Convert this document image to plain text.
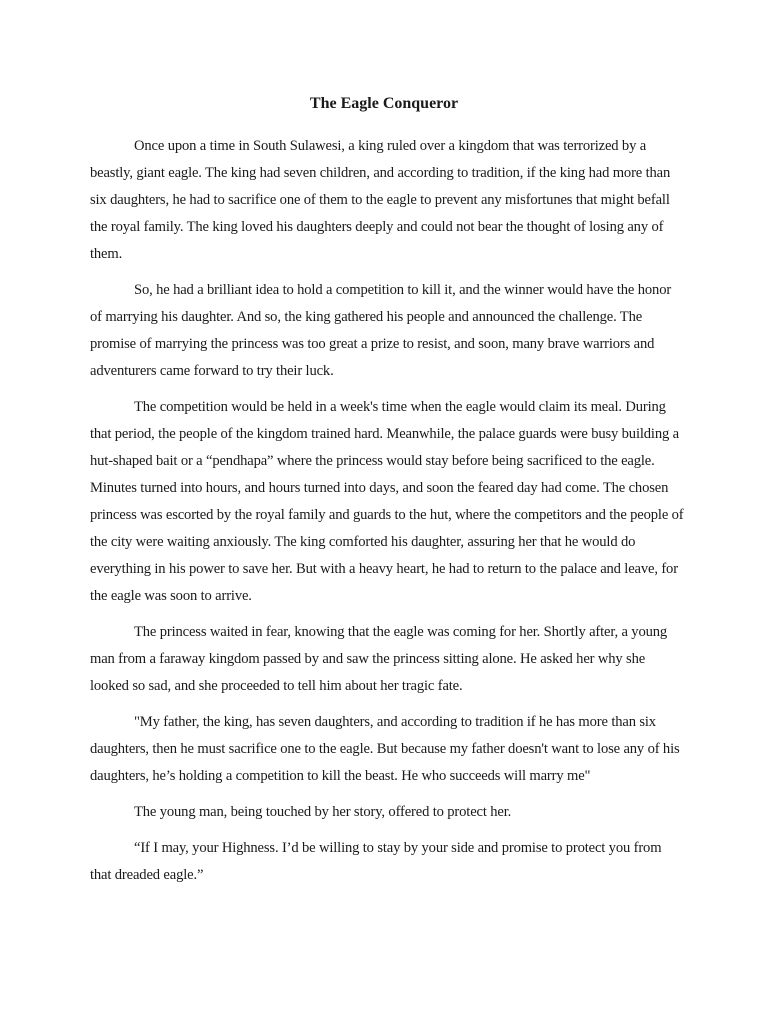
The Eagle Conqueror

Once upon a time in South Sulawesi, a king ruled over a kingdom that was terrorized by a beastly, giant eagle. The king had seven children, and according to tradition, if the king had more than six daughters, he had to sacrifice one of them to the eagle to prevent any misfortunes that might befall the royal family. The king loved his daughters deeply and could not bear the thought of losing any of them.

So, he had a brilliant idea to hold a competition to kill it, and the winner would have the honor of marrying his daughter. And so, the king gathered his people and announced the challenge. The promise of marrying the princess was too great a prize to resist, and soon, many brave warriors and adventurers came forward to try their luck.

The competition would be held in a week's time when the eagle would claim its meal. During that period, the people of the kingdom trained hard. Meanwhile, the palace guards were busy building a hut-shaped bait or a “pendhapa” where the princess would stay before being sacrificed to the eagle. Minutes turned into hours, and hours turned into days, and soon the feared day had come. The chosen princess was escorted by the royal family and guards to the hut, where the competitors and the people of the city were waiting anxiously. The king comforted his daughter, assuring her that he would do everything in his power to save her. But with a heavy heart, he had to return to the palace and leave, for the eagle was soon to arrive.

The princess waited in fear, knowing that the eagle was coming for her. Shortly after, a young man from a faraway kingdom passed by and saw the princess sitting alone. He asked her why she looked so sad, and she proceeded to tell him about her tragic fate.

"My father, the king, has seven daughters, and according to tradition if he has more than six daughters, then he must sacrifice one to the eagle. But because my father doesn't want to lose any of his daughters, he’s holding a competition to kill the beast. He who succeeds will marry me"

The young man, being touched by her story, offered to protect her.

“If I may, your Highness. I’d be willing to stay by your side and promise to protect you from that dreaded eagle.”
